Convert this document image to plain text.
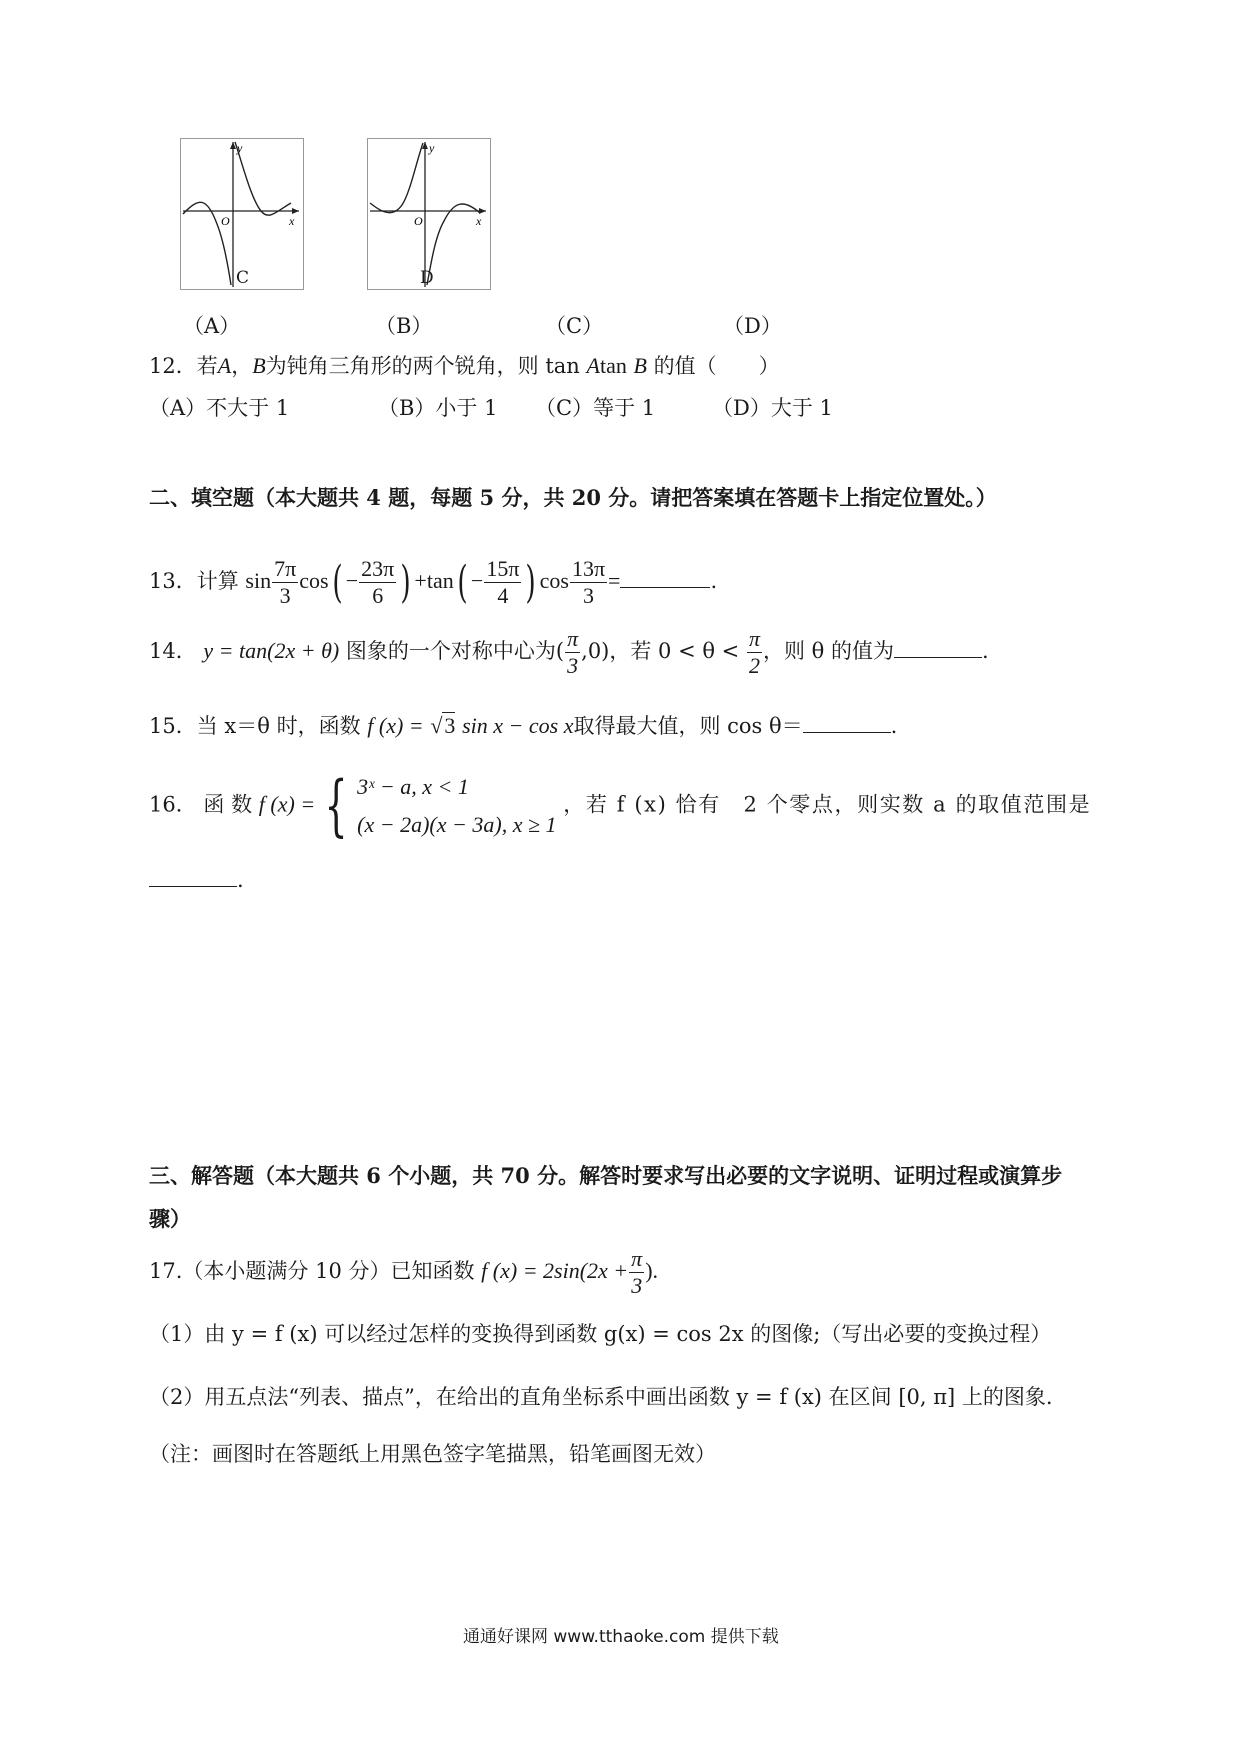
y
O	x
C
y
O	x
D
（A）	（B）	（C）	（D）
12．若A，B为钝角三角形的两个锐角，则 tan Atan B 的值（　　）
（A）不大于 1	（B）小于 1 （C）等于 1	（D）大于 1
二、填空题（本大题共 4 题，每题 5 分，共 20 分。请把答案填在答题卡上指定位置处。）
13．计算 $\sin \frac{7\pi}{3} \cos( - \frac{23\pi}{6}$ ) $+\tan( - \frac{15\pi}{4}$ ) $\cos \frac{13\pi}{3}$ =	.
14． y = tan(2x + θ) 图象的一个对称中心为( $\frac{\pi}{3} ,0$)，若 $0 < \theta < \frac{\pi}{2}$ ，则 θ 的值为	.
15．当 x＝θ 时，函数 f (x) = √3 sin x − cos x取得最大值，则 cos θ＝	.
16． 函 数 f (x) = { 3ˣ − a, x < 1
(x − 2a)(x − 3a), x ≥ 1
，若 f (x) 恰有　2 个零点，则实数 a 的取值范围是
.
三、解答题（本大题共 6 个小题，共 70 分。解答时要求写出必要的文字说明、证明过程或演算步
骤）
17.（本小题满分 10 分）已知函数 f $(x) = 2\sin(2x + \frac{\pi}{3}$ ).
（1）由 y = f (x) 可以经过怎样的变换得到函数 g(x) = cos 2x 的图像;（写出必要的变换过程）
（2）用五点法“列表、描点”，在给出的直角坐标系中画出函数 y = f (x) 在区间 [0, π] 上的图象.
（注：画图时在答题纸上用黑色签字笔描黑，铅笔画图无效）
通通好课网 www.tthaoke.com 提供下载
